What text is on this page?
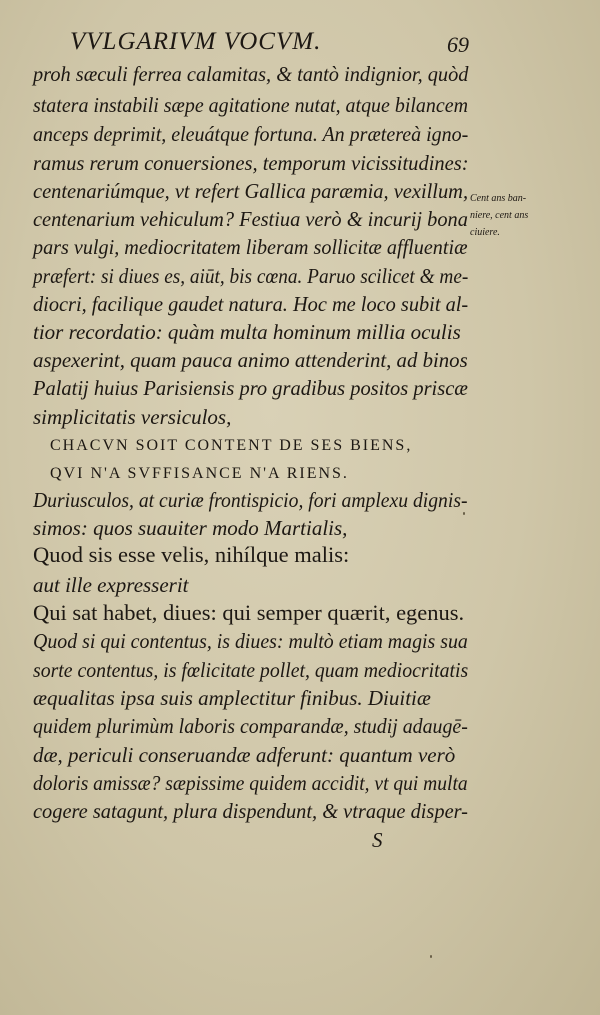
VVLGARIVM VOCVM.	69
proh sæculi ferrea calamitas, & tantò indignior, quòd
statera instabili sæpe agitatione nutat, atque bilancem
anceps deprimit, eleuátque fortuna. An prætereà igno-
ramus rerum conuersiones, temporum vicissitudines:
centenariúmque, vt refert Gallica paræmia, vexillum,
centenarium vehiculum? Festiua verò & incurij bona
pars vulgi, mediocritatem liberam sollicitæ affluentiæ
præfert: si diues es, aiūt, bis cœna. Paruo scilicet & me-
diocri, facilique gaudet natura. Hoc me loco subit al-
tior recordatio: quàm multa hominum millia oculis
aspexerint, quam pauca animo attenderint, ad binos
Palatij huius Parisiensis pro gradibus positos priscæ
simplicitatis versiculos,
CHACVN SOIT CONTENT DE SES BIENS,
QVI N'A SVFFISANCE N'A RIENS.
Duriusculos, at curiæ frontispicio, fori amplexu dignis-
simos: quos suauiter modo Martialis,
Quod sis esse velis, nihílque malis:
aut ille expresserit
Qui sat habet, diues: qui semper quærit, egenus.
Quod si qui contentus, is diues: multò etiam magis sua
sorte contentus, is fœlicitate pollet, quam mediocritatis
æqualitas ipsa suis amplectitur finibus. Diuitiæ
quidem plurimùm laboris comparandæ, studij adaugē-
dæ, periculi conseruandæ adferunt: quantum verò
doloris amissæ? sæpissime quidem accidit, vt qui multa
cogere satagunt, plura dispendunt, & vtraque disper-
Cent ans ban-
niere, cent ans
ciuiere.
S
